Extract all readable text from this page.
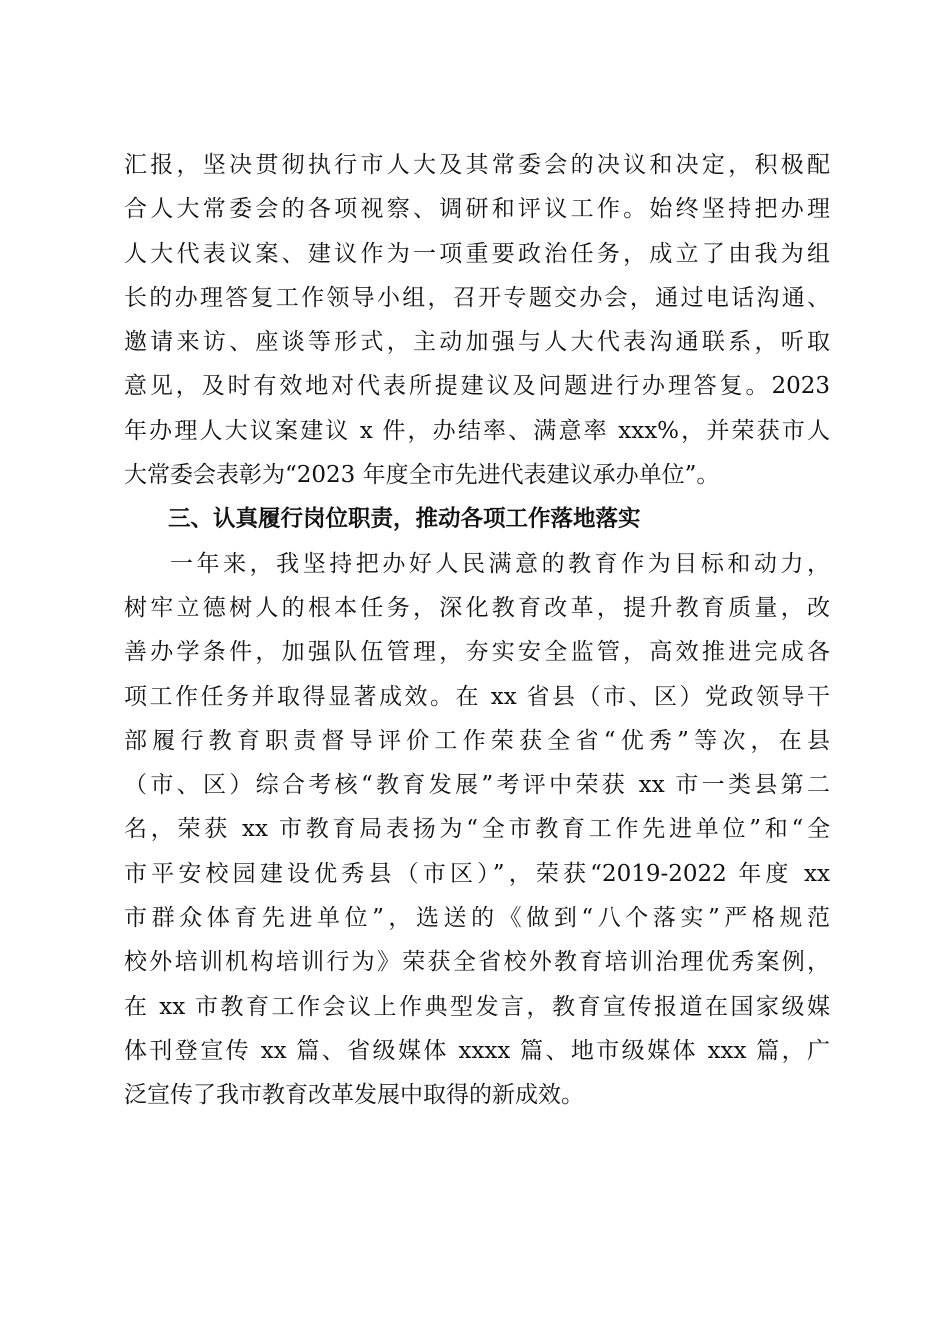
汇报，坚决贯彻执行市人大及其常委会的决议和决定，积极配
合人大常委会的各项视察、调研和评议工作。始终坚持把办理
人大代表议案、建议作为一项重要政治任务，成立了由我为组
长的办理答复工作领导小组，召开专题交办会，通过电话沟通、
邀请来访、座谈等形式，主动加强与人大代表沟通联系，听取
意见，及时有效地对代表所提建议及问题进行办理答复。2023
年办理人大议案建议 x 件，办结率、满意率 xxx%，并荣获市人
大常委会表彰为“2023 年度全市先进代表建议承办单位”。
三、认真履行岗位职责，推动各项工作落地落实
一年来，我坚持把办好人民满意的教育作为目标和动力，
树牢立德树人的根本任务，深化教育改革，提升教育质量，改
善办学条件，加强队伍管理，夯实安全监管，高效推进完成各
项工作任务并取得显著成效。在 xx 省县（市、区）党政领导干
部履行教育职责督导评价工作荣获全省“优秀”等次，在县
（市、区）综合考核“教育发展”考评中荣获 xx 市一类县第二
名，荣获 xx 市教育局表扬为“全市教育工作先进单位”和“全
市平安校园建设优秀县（市区）”，荣获“2019-2022 年度 xx
市群众体育先进单位”，选送的《做到“八个落实”严格规范
校外培训机构培训行为》荣获全省校外教育培训治理优秀案例，
在 xx 市教育工作会议上作典型发言，教育宣传报道在国家级媒
体刊登宣传 xx 篇、省级媒体 xxxx 篇、地市级媒体 xxx 篇，广
泛宣传了我市教育改革发展中取得的新成效。
